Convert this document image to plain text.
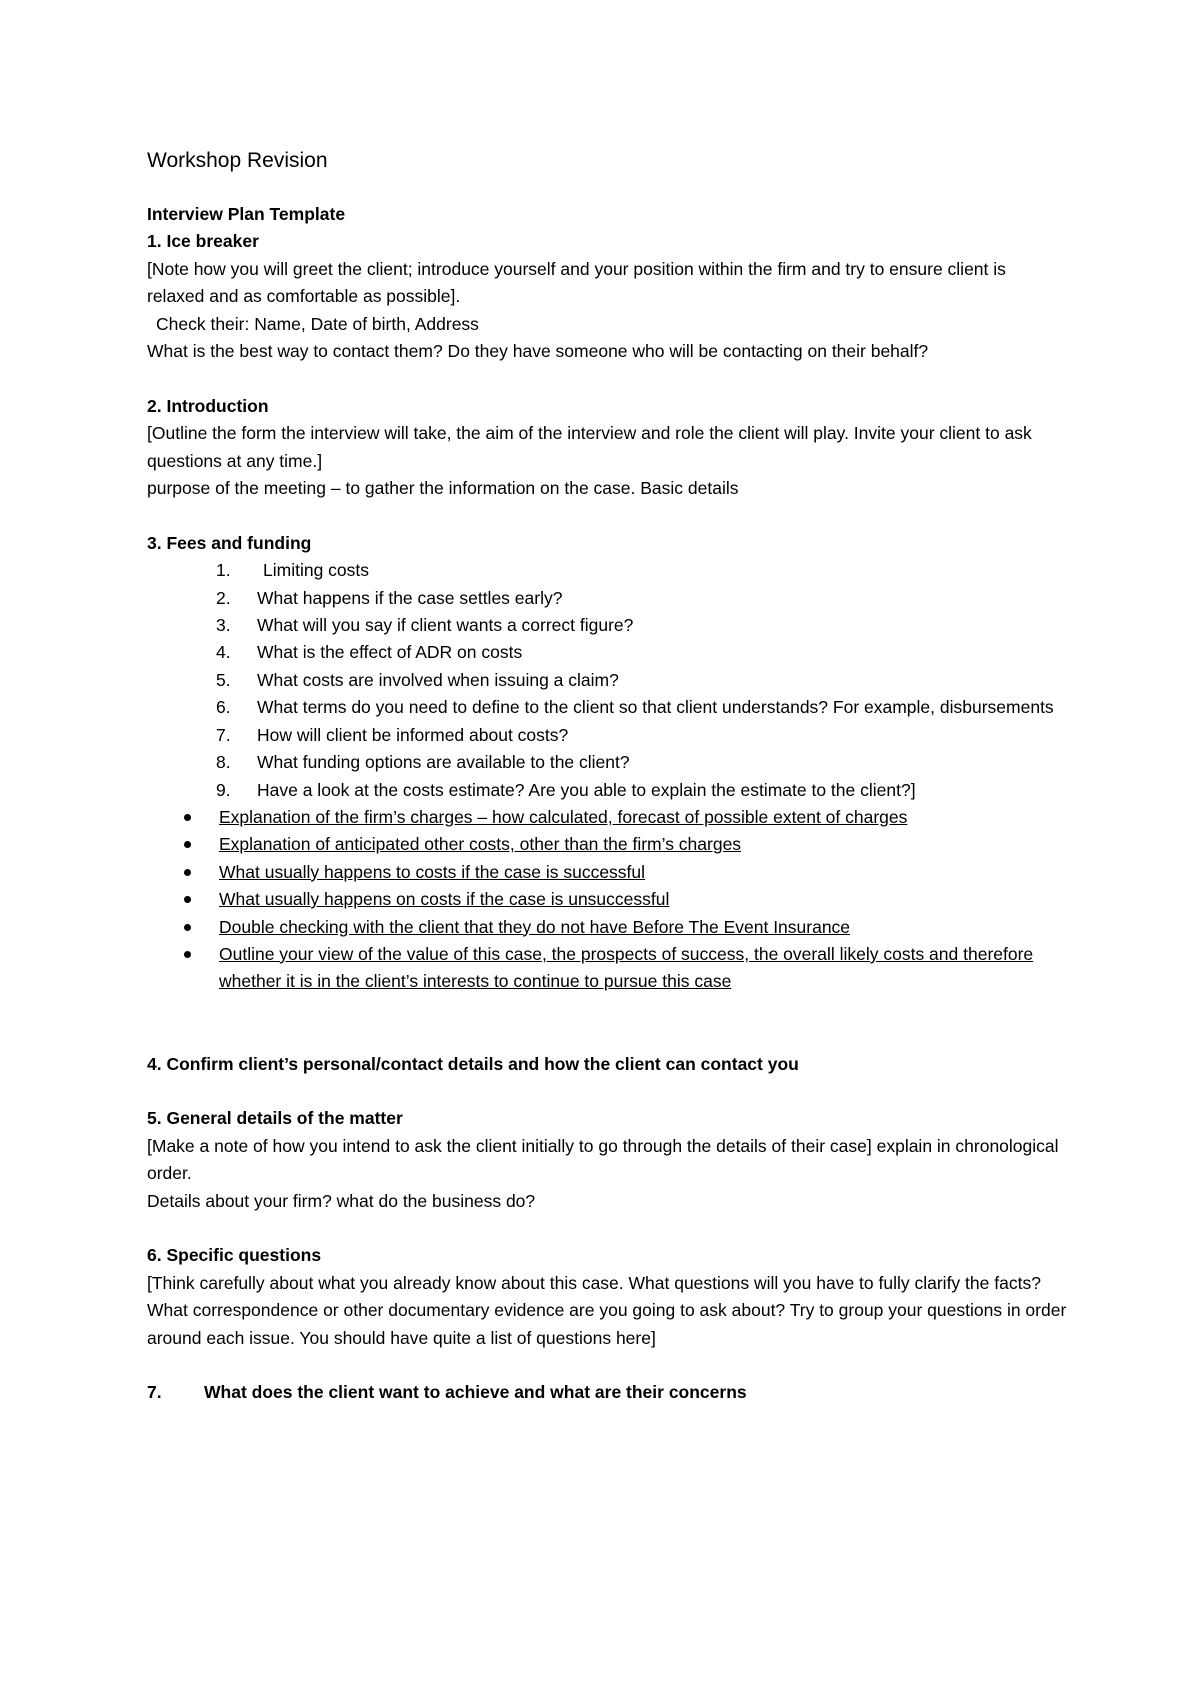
Workshop Revision

Interview Plan Template

1. Ice breaker

[Note how you will greet the client; introduce yourself and your position within the firm and try to ensure client is relaxed and as comfortable as possible].

Check their: Name, Date of birth, Address

What is the best way to contact them? Do they have someone who will be contacting on their behalf?

2. Introduction

[Outline the form the interview will take, the aim of the interview and role the client will play. Invite your client to ask questions at any time.]

purpose of the meeting – to gather the information on the case. Basic details

3. Fees and funding

1. Limiting costs
2. What happens if the case settles early?
3. What will you say if client wants a correct figure?
4. What is the effect of ADR on costs
5. What costs are involved when issuing a claim?
6. What terms do you need to define to the client so that client understands? For example, disbursements
7. How will client be informed about costs?
8. What funding options are available to the client?
9. Have a look at the costs estimate? Are you able to explain the estimate to the client?]
Explanation of the firm’s charges – how calculated, forecast of possible extent of charges
Explanation of anticipated other costs, other than the firm’s charges
What usually happens to costs if the case is successful
What usually happens on costs if the case is unsuccessful
Double checking with the client that they do not have Before The Event Insurance
Outline your view of the value of this case, the prospects of success, the overall likely costs and therefore whether it is in the client’s interests to continue to pursue this case

4. Confirm client’s personal/contact details and how the client can contact you

5. General details of the matter

[Make a note of how you intend to ask the client initially to go through the details of their case] explain in chronological order.

Details about your firm? what do the business do?

6. Specific questions

[Think carefully about what you already know about this case. What questions will you have to fully clarify the facts? What correspondence or other documentary evidence are you going to ask about? Try to group your questions in order around each issue. You should have quite a list of questions here]

7. What does the client want to achieve and what are their concerns
